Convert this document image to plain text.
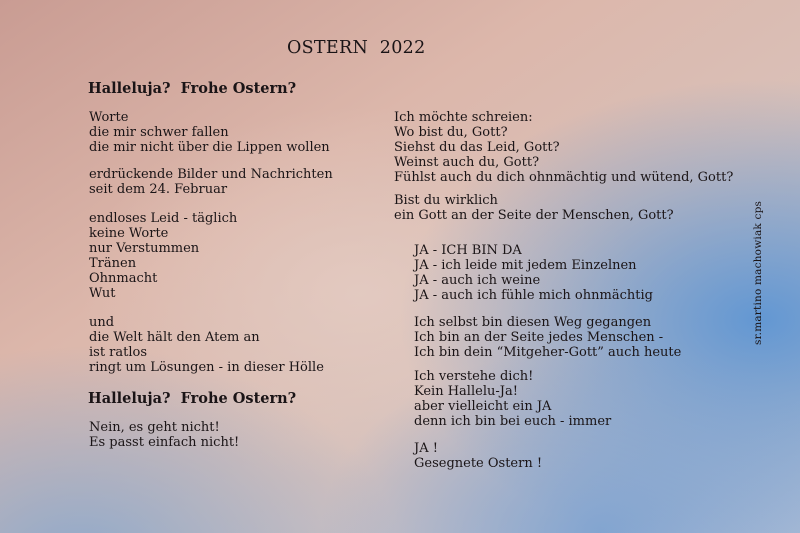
OSTERN  2022
Halleluja?  Frohe Ostern?
Worte
die mir schwer fallen
die mir nicht über die Lippen wollen
erdrückende Bilder und Nachrichten
seit dem 24. Februar
endloses Leid - täglich
keine Worte
nur Verstummen
Tränen
Ohnmacht
Wut
und
die Welt hält den Atem an
ist ratlos
ringt um Lösungen - in dieser Hölle
Halleluja?  Frohe Ostern?
Nein, es geht nicht!
Es passt einfach nicht!
Ich möchte schreien:
Wo bist du, Gott?
Siehst du das Leid, Gott?
Weinst auch du, Gott?
Fühlst auch du dich ohnmächtig und wütend, Gott?
Bist du wirklich
ein Gott an der Seite der Menschen, Gott?
JA - ICH BIN DA
JA - ich leide mit jedem Einzelnen
JA - auch ich weine
JA - auch ich fühle mich ohnmächtig
Ich selbst bin diesen Weg gegangen
Ich bin an der Seite jedes Menschen -
Ich bin dein “Mitgeher-Gott” auch heute
Ich verstehe dich!
Kein Hallelu-Ja!
aber vielleicht ein JA
denn ich bin bei euch - immer
JA !
Gesegnete Ostern !
sr.martino machowiak cps
